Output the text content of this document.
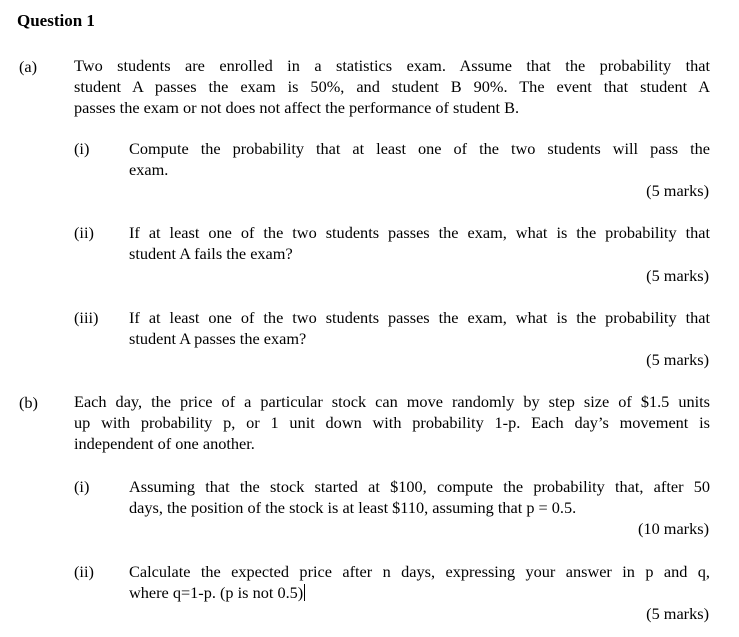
Question 1
(a) Two students are enrolled in a statistics exam. Assume that the probability that
student A passes the exam is 50%, and student B 90%. The event that student A
passes the exam or not does not affect the performance of student B.
(i) Compute the probability that at least one of the two students will pass the
exam.
(5 marks)
(ii) If at least one of the two students passes the exam, what is the probability that
student A fails the exam?
(5 marks)
(iii) If at least one of the two students passes the exam, what is the probability that
student A passes the exam?
(5 marks)
(b) Each day, the price of a particular stock can move randomly by step size of $1.5 units
up with probability p, or 1 unit down with probability 1-p. Each day’s movement is
independent of one another.
(i) Assuming that the stock started at $100, compute the probability that, after 50
days, the position of the stock is at least $110, assuming that p = 0.5.
(10 marks)
(ii) Calculate the expected price after n days, expressing your answer in p and q,
where q=1-p. (p is not 0.5)
(5 marks)
